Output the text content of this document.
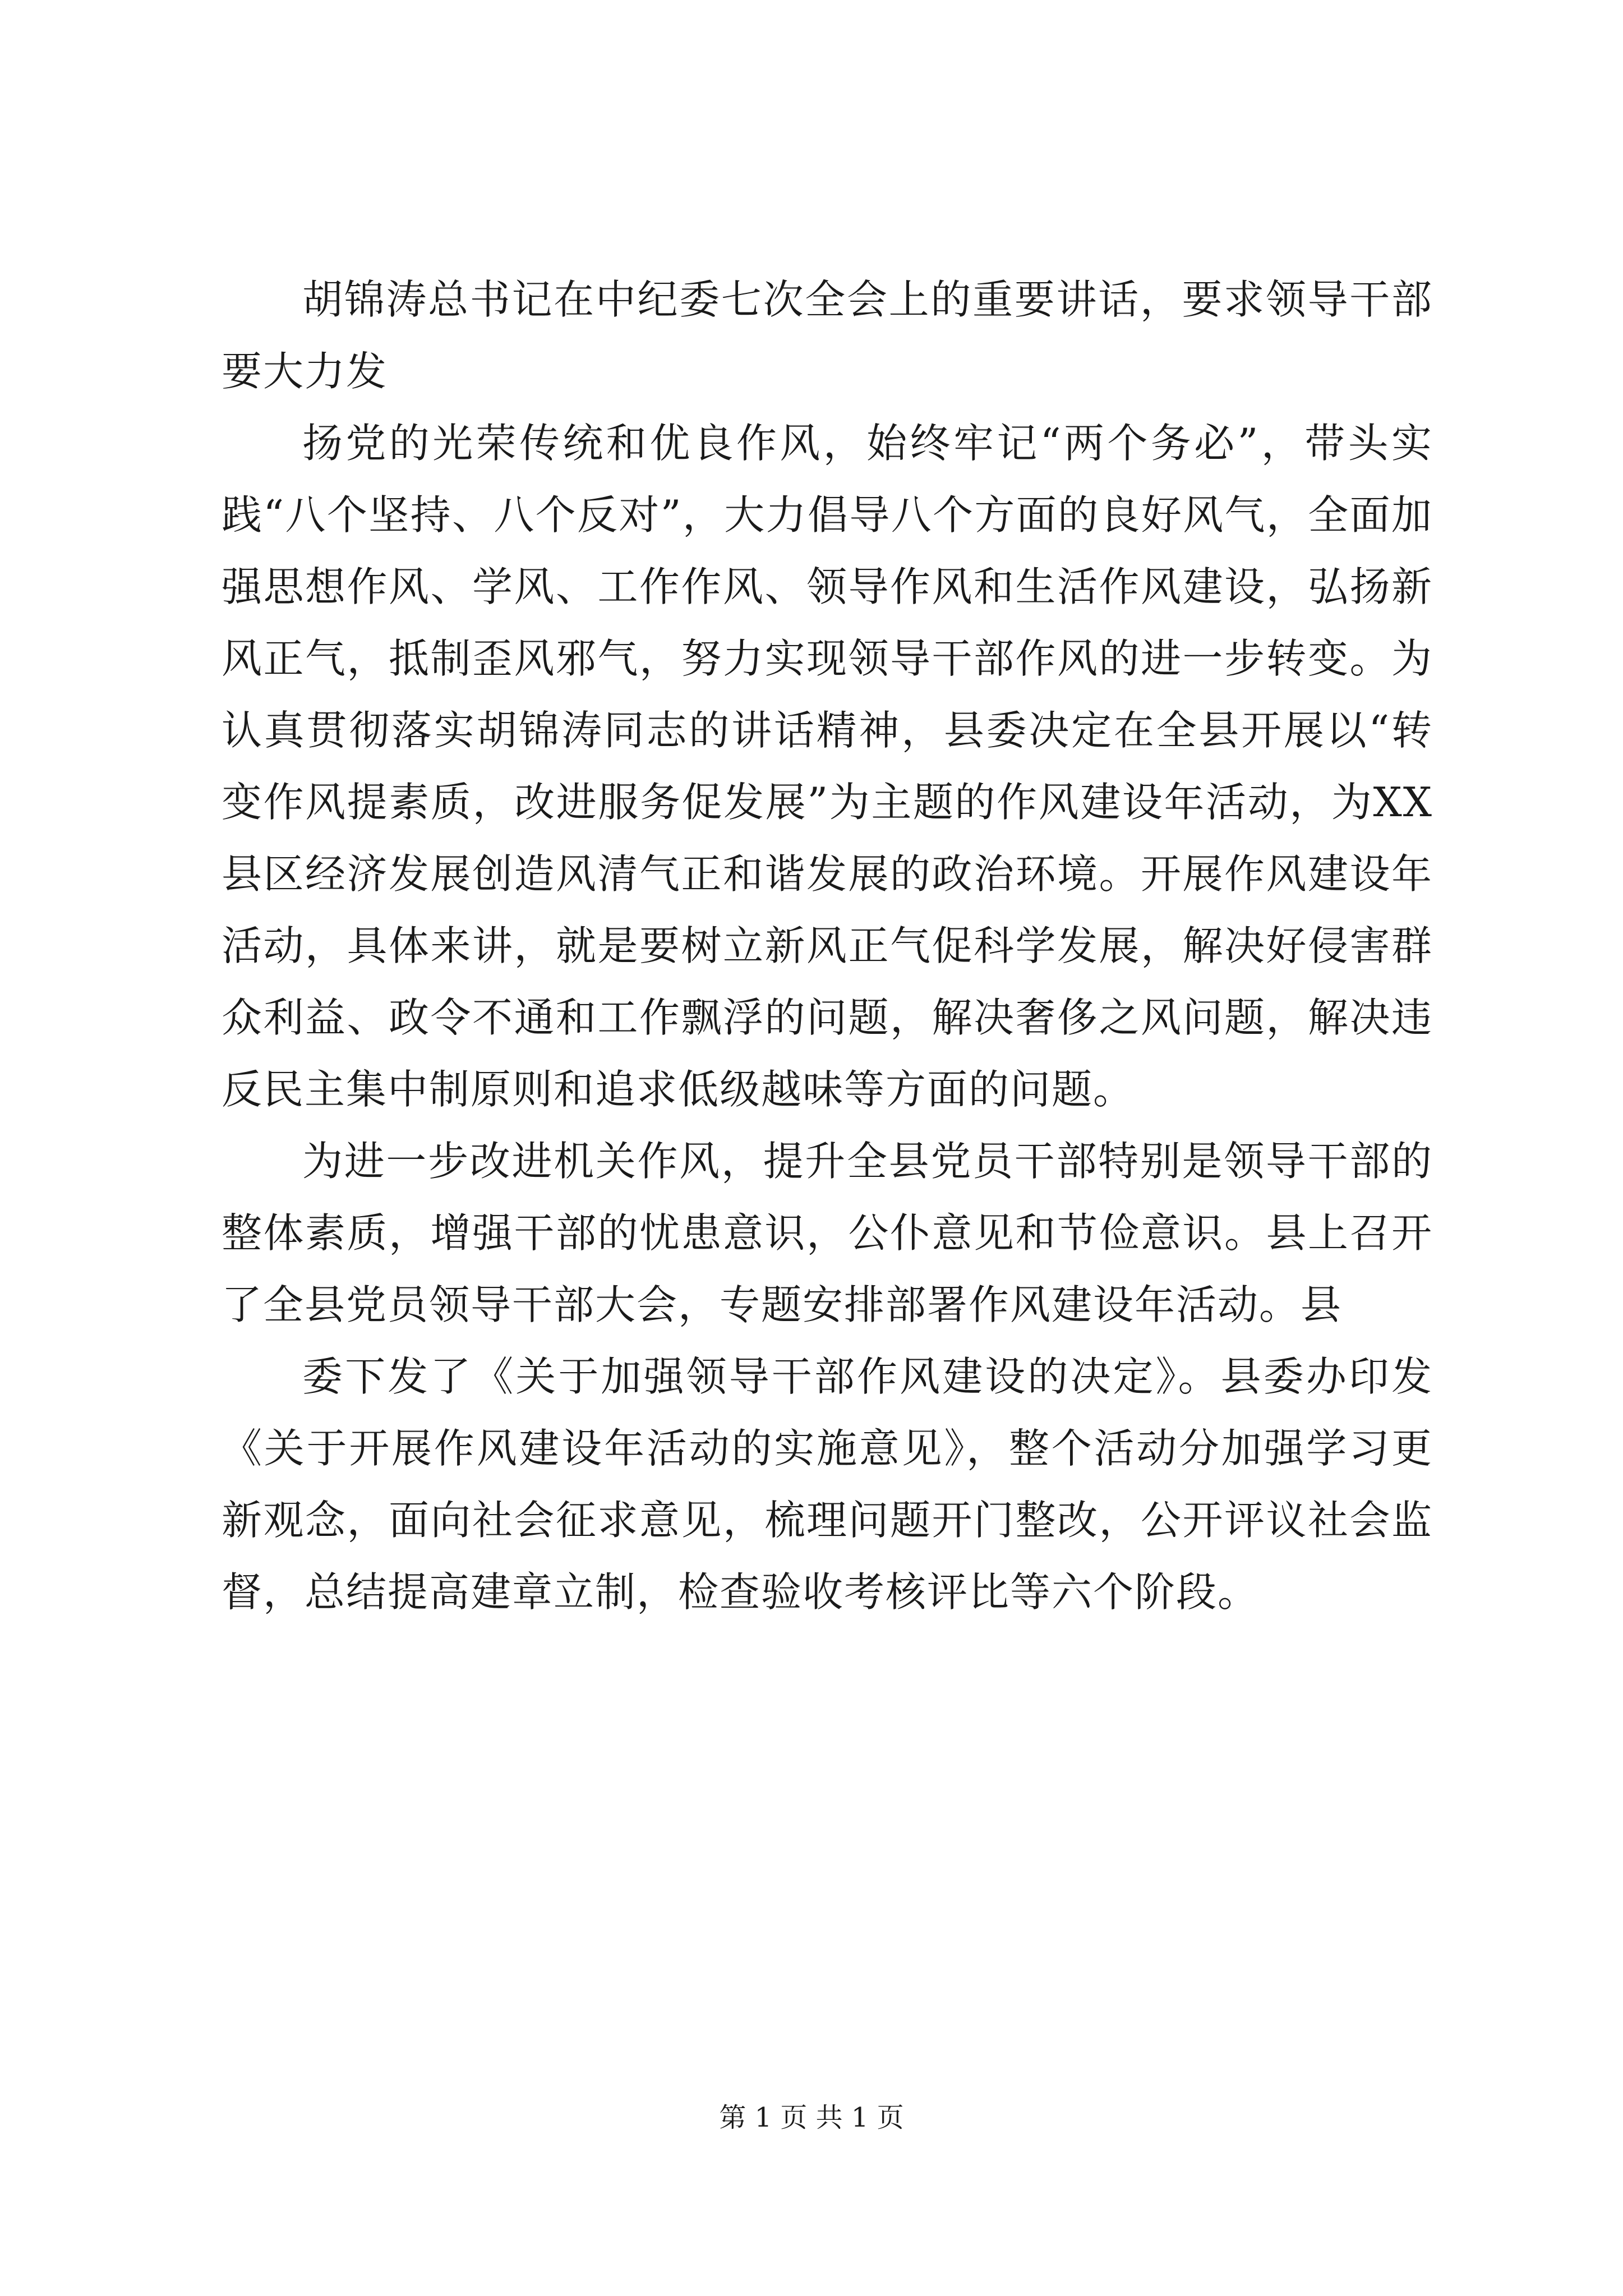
胡锦涛总书记在中纪委七次全会上的重要讲话，要求领导干部要大力发

扬党的光荣传统和优良作风，始终牢记“两个务必”，带头实践“八个坚持、八个反对”，大力倡导八个方面的良好风气，全面加强思想作风、学风、工作作风、领导作风和生活作风建设，弘扬新风正气，抵制歪风邪气，努力实现领导干部作风的进一步转变。为认真贯彻落实胡锦涛同志的讲话精神，县委决定在全县开展以“转变作风提素质，改进服务促发展”为主题的作风建设年活动，为XX县区经济发展创造风清气正和谐发展的政治环境。开展作风建设年活动，具体来讲，就是要树立新风正气促科学发展，解决好侵害群众利益、政令不通和工作飘浮的问题，解决奢侈之风问题，解决违反民主集中制原则和追求低级越味等方面的问题。

为进一步改进机关作风，提升全县党员干部特别是领导干部的整体素质，增强干部的忧患意识，公仆意见和节俭意识。县上召开了全县党员领导干部大会，专题安排部署作风建设年活动。县

委下发了《关于加强领导干部作风建设的决定》。县委办印发《关于开展作风建设年活动的实施意见》，整个活动分加强学习更新观念，面向社会征求意见，梳理问题开门整改，公开评议社会监督，总结提高建章立制，检查验收考核评比等六个阶段。

第 1 页 共 1 页
